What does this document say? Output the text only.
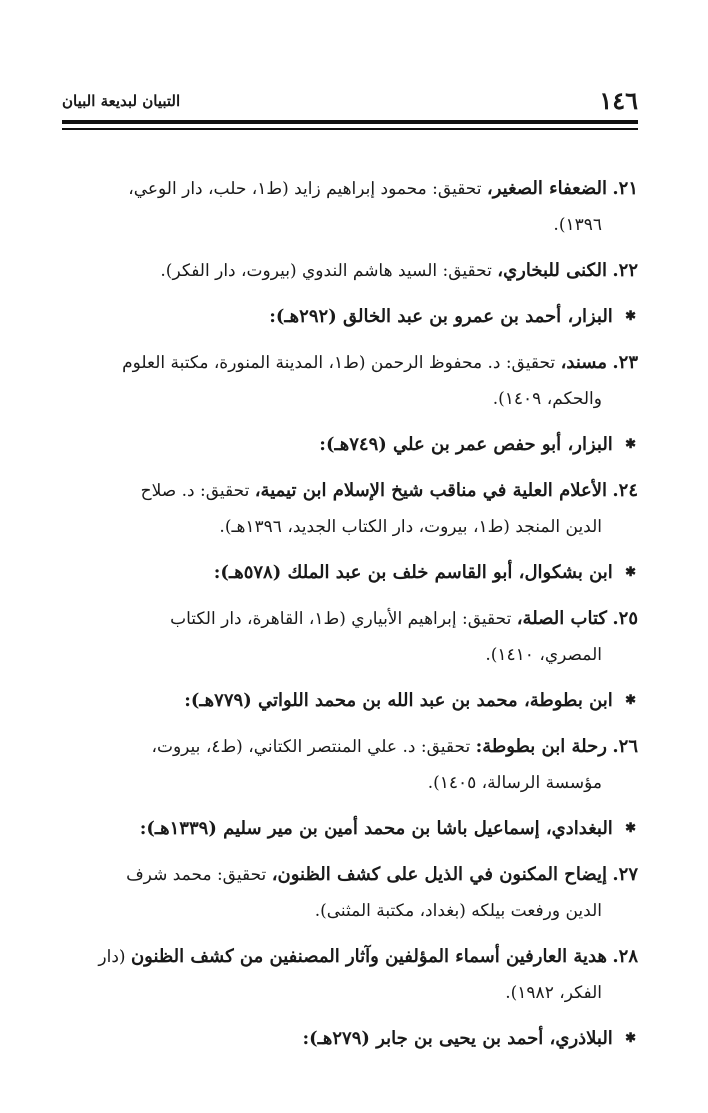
١٤٦
التبيان لبديعة البيان
٢١. الضعفاء الصغير، تحقيق: محمود إبراهيم زايد (ط١، حلب، دار الوعي،
١٣٩٦).
٢٢. الكنى للبخاري، تحقيق: السيد هاشم الندوي (بيروت، دار الفكر).
✱ البزار، أحمد بن عمرو بن عبد الخالق (٢٩٢هـ):
٢٣. مسند، تحقيق: د. محفوظ الرحمن (ط١، المدينة المنورة، مكتبة العلوم
والحكم، ١٤٠٩).
✱ البزار، أبو حفص عمر بن علي (٧٤٩هـ):
٢٤. الأعلام العلية في مناقب شيخ الإسلام ابن تيمية، تحقيق: د. صلاح
الدين المنجد (ط١، بيروت، دار الكتاب الجديد، ١٣٩٦هـ).
✱ ابن بشكوال، أبو القاسم خلف بن عبد الملك (٥٧٨هـ):
٢٥. كتاب الصلة، تحقيق: إبراهيم الأبياري (ط١، القاهرة، دار الكتاب
المصري، ١٤١٠).
✱ ابن بطوطة، محمد بن عبد الله بن محمد اللواتي (٧٧٩هـ):
٢٦. رحلة ابن بطوطة: تحقيق: د. علي المنتصر الكتاني، (ط٤، بيروت،
مؤسسة الرسالة، ١٤٠٥).
✱ البغدادي، إسماعيل باشا بن محمد أمين بن مير سليم (١٣٣٩هـ):
٢٧. إيضاح المكنون في الذيل على كشف الظنون، تحقيق: محمد شرف
الدين ورفعت بيلكه (بغداد، مكتبة المثنى).
٢٨. هدية العارفين أسماء المؤلفين وآثار المصنفين من كشف الظنون (دار
الفكر، ١٩٨٢).
✱ البلاذري، أحمد بن يحيى بن جابر (٢٧٩هـ):
